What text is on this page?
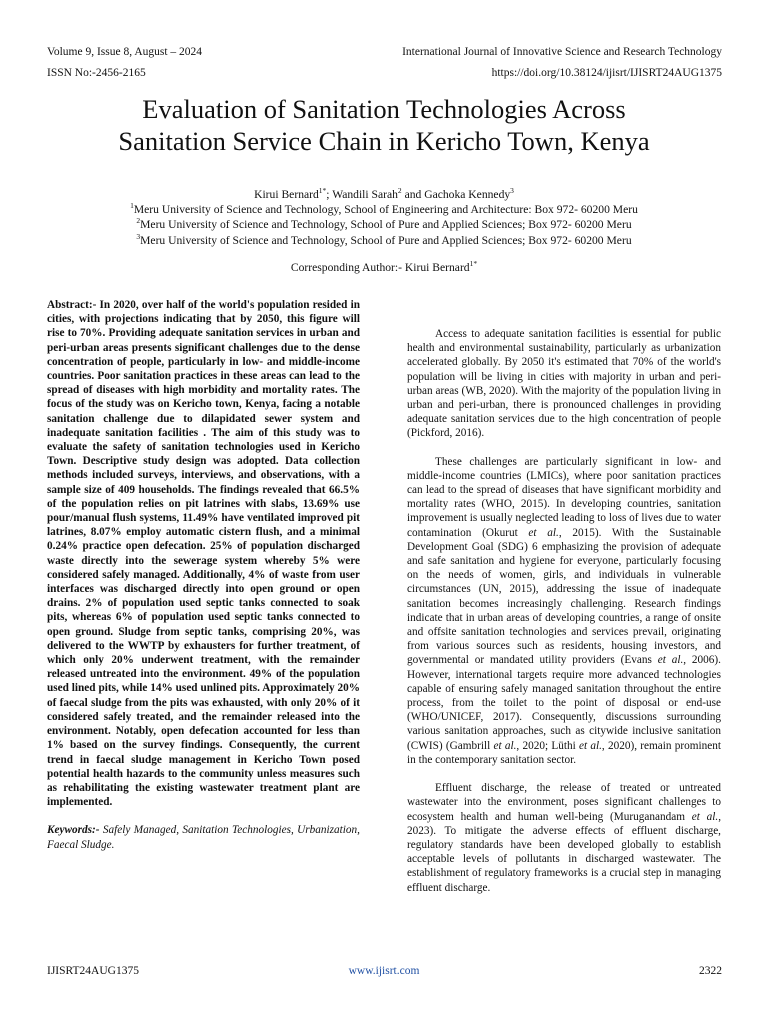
Volume 9, Issue 8, August – 2024
ISSN No:-2456-2165
International Journal of Innovative Science and Research Technology
https://doi.org/10.38124/ijisrt/IJISRT24AUG1375
Evaluation of Sanitation Technologies Across
Sanitation Service Chain in Kericho Town, Kenya

Kirui Bernard$^{1*}$; Wandili Sarah$^2$ and Gachoka Kennedy$^3$

$^1$Meru University of Science and Technology, School of Engineering and Architecture: Box 972- 60200 Meru

$^2$Meru University of Science and Technology, School of Pure and Applied Sciences; Box 972- 60200 Meru

$^3$Meru University of Science and Technology, School of Pure and Applied Sciences; Box 972- 60200 Meru

Corresponding Author:- Kirui Bernard$^{1*}$

Abstract:- In 2020, over half of the world's population resided in cities, with projections indicating that by 2050, this figure will rise to 70%. Providing adequate sanitation services in urban and peri-urban areas presents significant challenges due to the dense concentration of people, particularly in low- and middle-income countries. Poor sanitation practices in these areas can lead to the spread of diseases with high morbidity and mortality rates. The focus of the study was on Kericho town, Kenya, facing a notable sanitation challenge due to dilapidated sewer system and inadequate sanitation facilities . The aim of this study was to evaluate the safety of sanitation technologies used in Kericho Town. Descriptive study design was adopted. Data collection methods included surveys, interviews, and observations, with a sample size of 409 households. The findings revealed that 66.5% of the population relies on pit latrines with slabs, 13.69% use pour/manual flush systems, 11.49% have ventilated improved pit latrines, 8.07% employ automatic cistern flush, and a minimal 0.24% practice open defecation. 25% of population discharged waste directly into the sewerage system whereby 5% were considered safely managed. Additionally, 4% of waste from user interfaces was discharged directly into open ground or open drains. 2% of population used septic tanks connected to soak pits, whereas 6% of population used septic tanks connected to open ground. Sludge from septic tanks, comprising 20%, was delivered to the WWTP by exhausters for further treatment, of which only 20% underwent treatment, with the remainder released untreated into the environment. 49% of the population used lined pits, while 14% used unlined pits. Approximately 20% of faecal sludge from the pits was exhausted, with only 20% of it considered safely treated, and the remainder released into the environment. Notably, open defecation accounted for less than 1% based on the survey findings. Consequently, the current trend in faecal sludge management in Kericho Town posed potential health hazards to the community unless measures such as rehabilitating the existing wastewater treatment plant are implemented.

Keywords:- Safely Managed, Sanitation Technologies, Urbanization, Faecal Sludge.

Access to adequate sanitation facilities is essential for public health and environmental sustainability, particularly as urbanization accelerated globally. By 2050 it's estimated that 70% of the world's population will be living in cities with majority in urban and peri-urban areas (WB, 2020). With the majority of the population living in urban and peri-urban, there is pronounced challenges in providing adequate sanitation services due to the high concentration of people (Pickford, 2016).

These challenges are particularly significant in low- and middle-income countries (LMICs), where poor sanitation practices can lead to the spread of diseases that have significant morbidity and mortality rates (WHO, 2015). In developing countries, sanitation improvement is usually neglected leading to loss of lives due to water contamination (Okurut et al., 2015). With the Sustainable Development Goal (SDG) 6 emphasizing the provision of adequate and safe sanitation and hygiene for everyone, particularly focusing on the needs of women, girls, and individuals in vulnerable circumstances (UN, 2015), addressing the issue of inadequate sanitation becomes increasingly challenging. Research findings indicate that in urban areas of developing countries, a range of onsite and offsite sanitation technologies and services prevail, originating from various sources such as residents, housing investors, and governmental or mandated utility providers (Evans et al., 2006). However, international targets require more advanced technologies capable of ensuring safely managed sanitation throughout the entire process, from the toilet to the point of disposal or end-use (WHO/UNICEF, 2017). Consequently, discussions surrounding various sanitation approaches, such as citywide inclusive sanitation (CWIS) (Gambrill et al., 2020; Lüthi et al., 2020), remain prominent in the contemporary sanitation sector.

Effluent discharge, the release of treated or untreated wastewater into the environment, poses significant challenges to ecosystem health and human well-being (Muruganandam et al., 2023). To mitigate the adverse effects of effluent discharge, regulatory standards have been developed globally to establish acceptable levels of pollutants in discharged wastewater. The establishment of regulatory frameworks is a crucial step in managing effluent discharge.

IJISRT24AUG1375	www.ijisrt.com	2322
